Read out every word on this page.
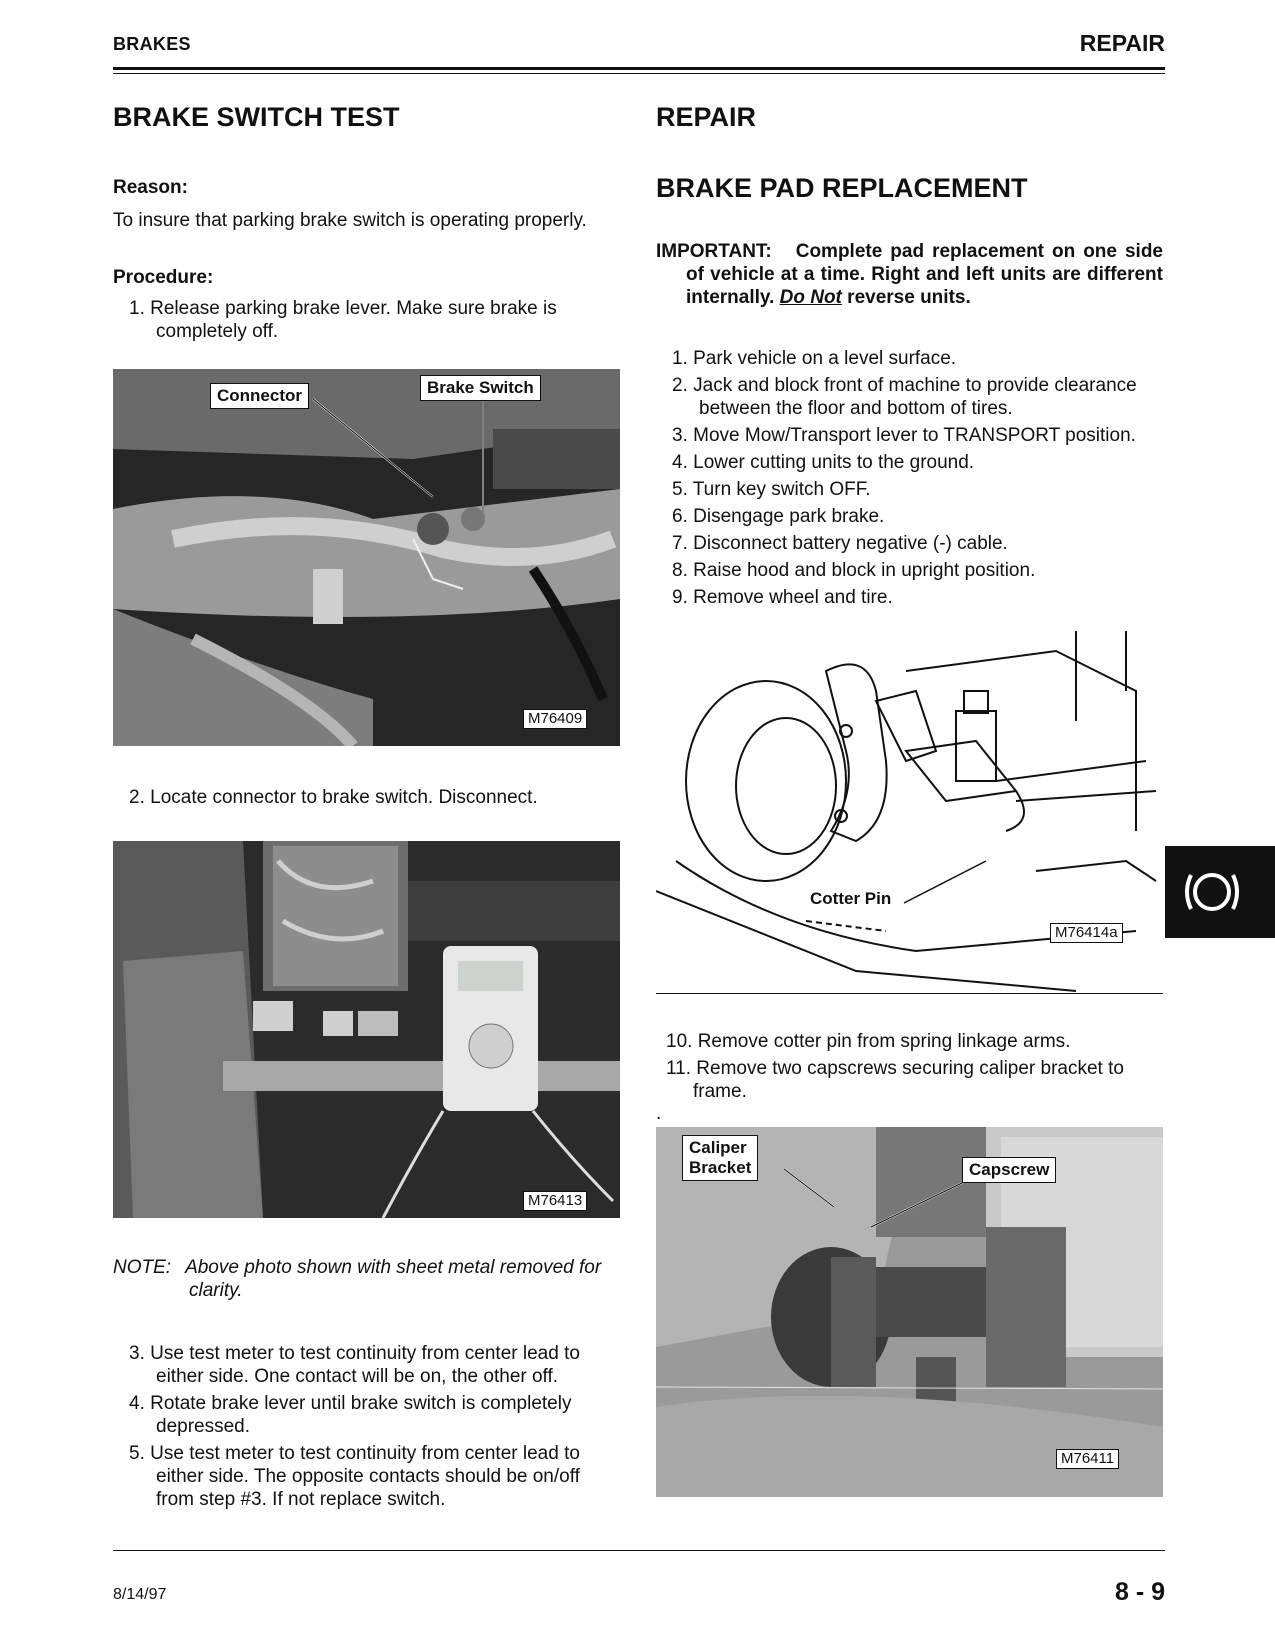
BRAKES	REPAIR
BRAKE SWITCH TEST
Reason:

To insure that parking brake switch is operating properly.

Procedure:
1. Release parking brake lever. Make sure brake is completely off.
Connector	Brake Switch
M76409
2. Locate connector to brake switch. Disconnect.
M76413
NOTE: Above photo shown with sheet metal removed for clarity.
3. Use test meter to test continuity from center lead to either side. One contact will be on, the other off.
4. Rotate brake lever until brake switch is completely depressed.
5. Use test meter to test continuity from center lead to either side. The opposite contacts should be on/off from step #3. If not replace switch.
REPAIR
BRAKE PAD REPLACEMENT
IMPORTANT: Complete pad replacement on one side of vehicle at a time. Right and left units are different internally. Do Not reverse units.
1. Park vehicle on a level surface.
2. Jack and block front of machine to provide clearance between the floor and bottom of tires.
3. Move Mow/Transport lever to TRANSPORT position.
4. Lower cutting units to the ground.
5. Turn key switch OFF.
6. Disengage park brake.
7. Disconnect battery negative (-) cable.
8. Raise hood and block in upright position.
9. Remove wheel and tire.
Cotter Pin
M76414a
10. Remove cotter pin from spring linkage arms.
11. Remove two capscrews securing caliper bracket to frame.
.
Caliper
Bracket	Capscrew
M76411
8/14/97	8 - 9
